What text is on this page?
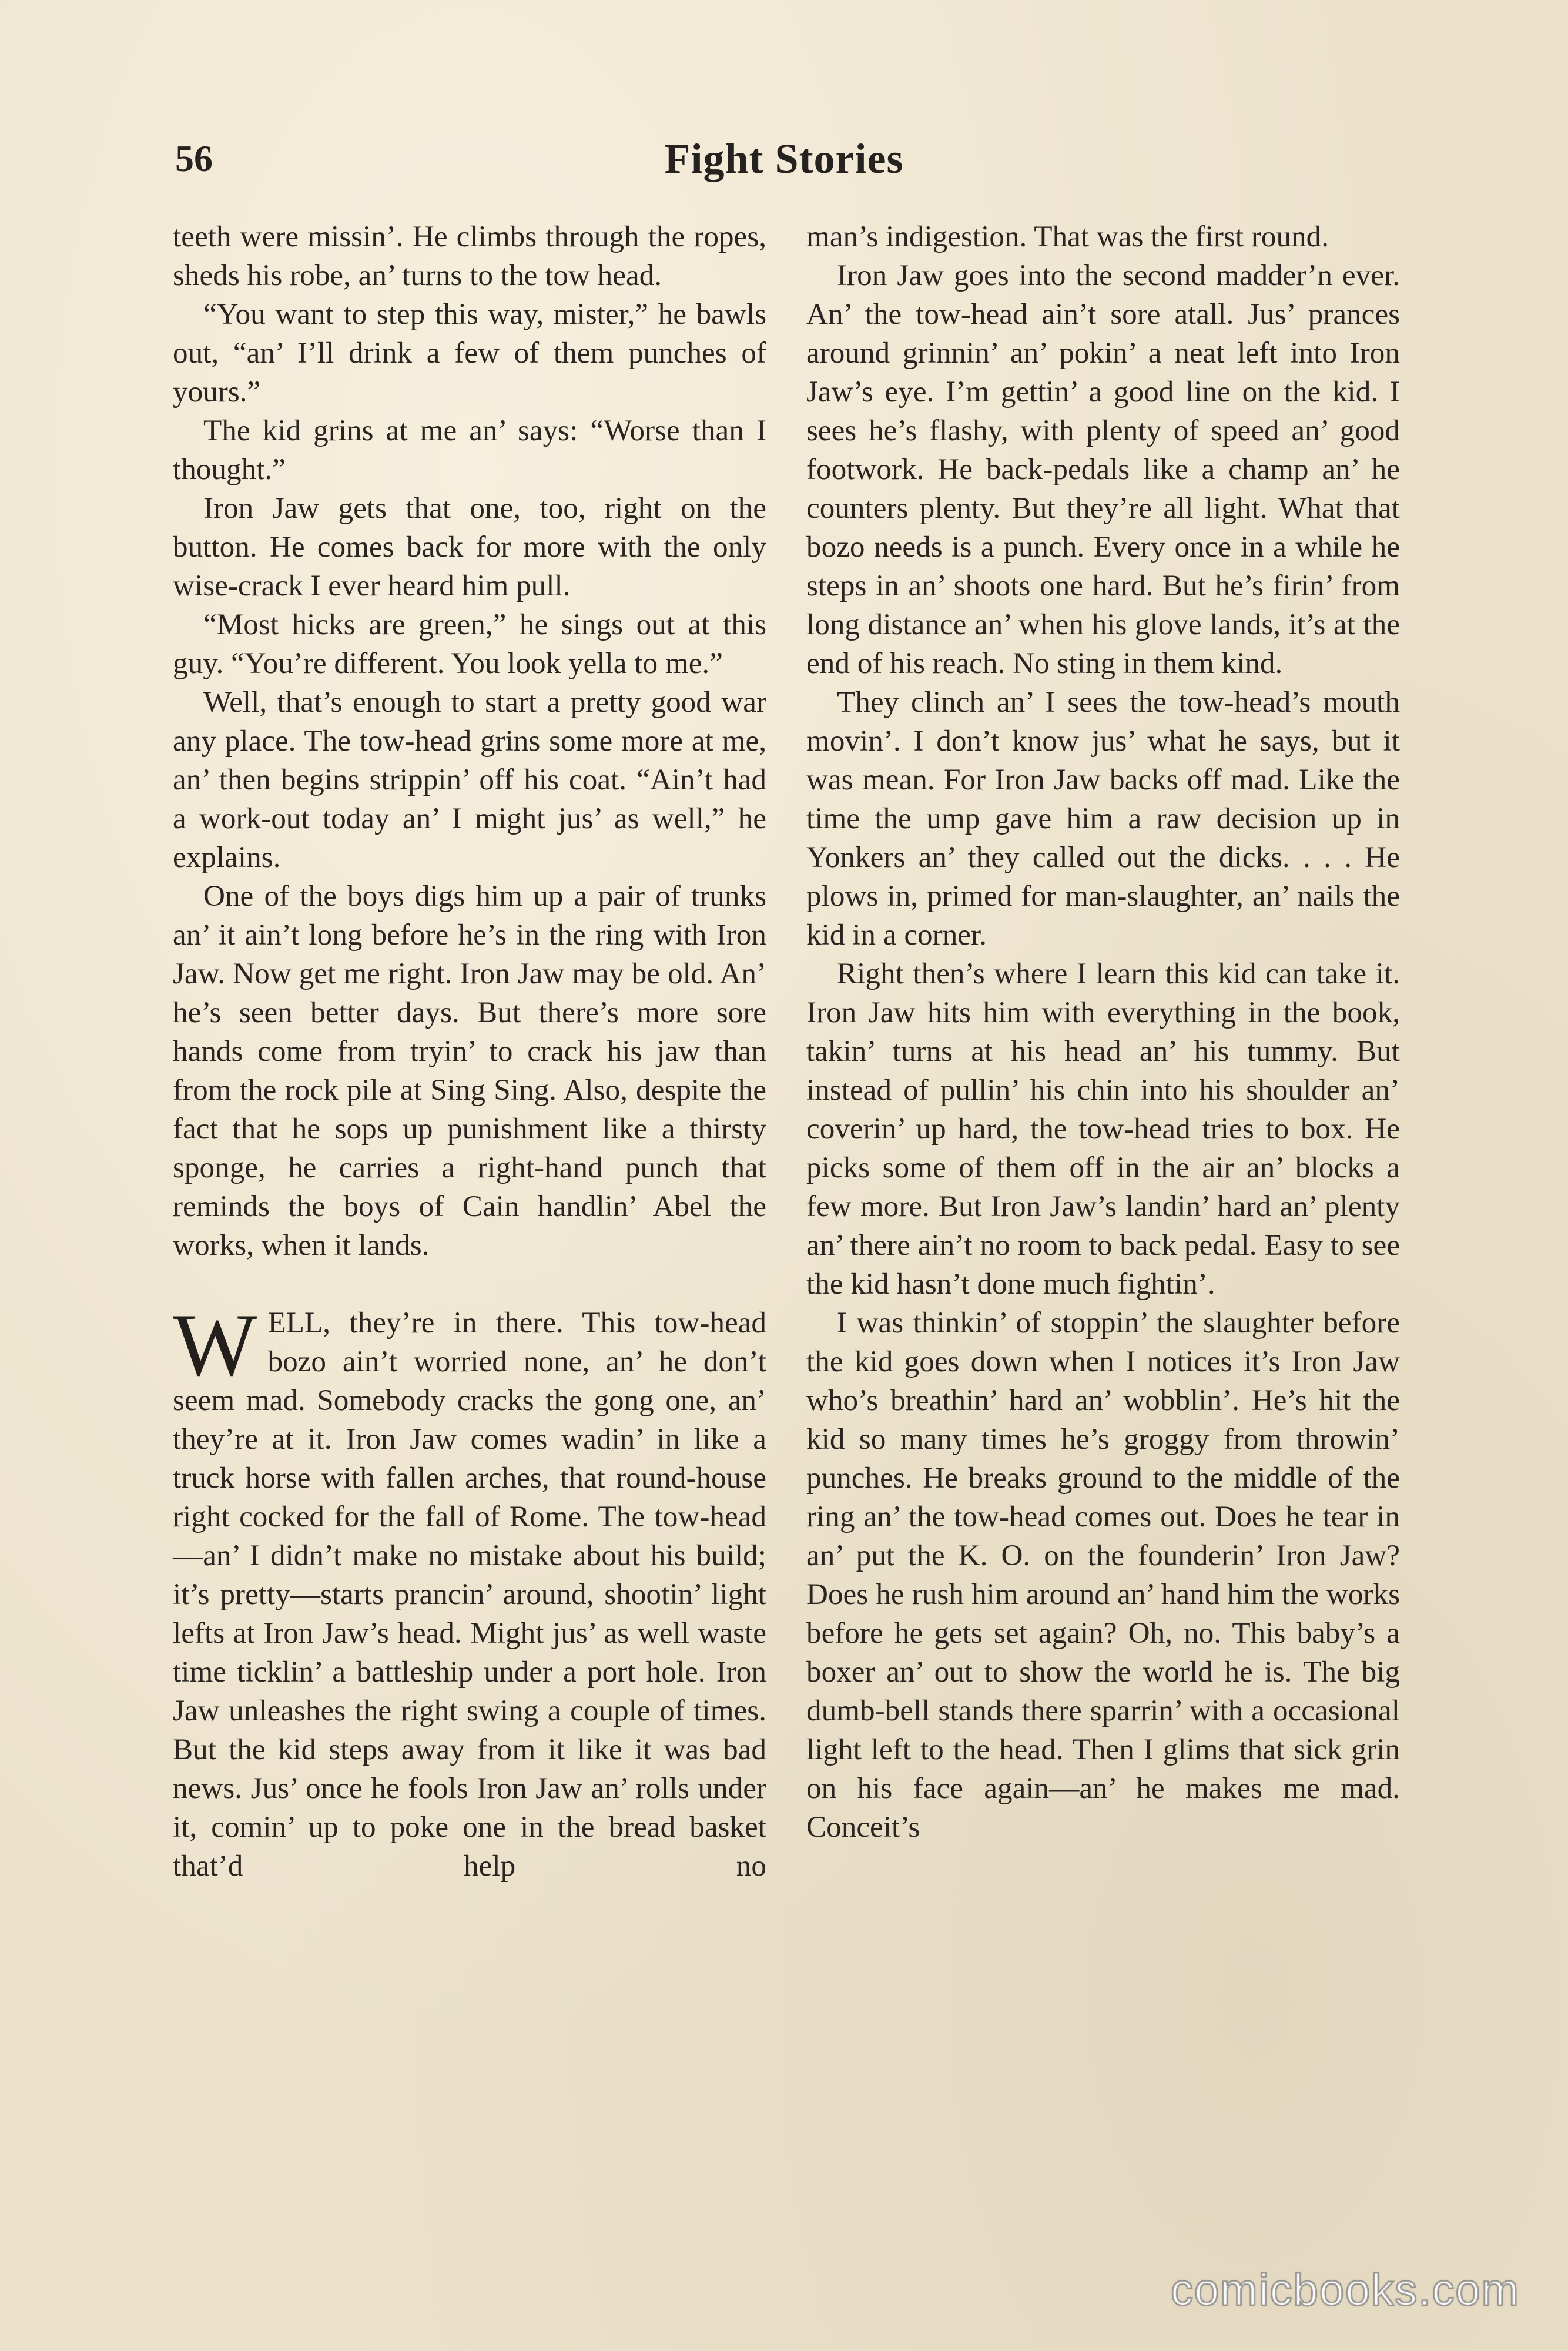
56	Fight Stories

teeth were missin’. He climbs through the ropes, sheds his robe, an’ turns to the tow head.

“You want to step this way, mister,” he bawls out, “an’ I’ll drink a few of them punches of yours.”

The kid grins at me an’ says: “Worse than I thought.”

Iron Jaw gets that one, too, right on the button. He comes back for more with the only wise-crack I ever heard him pull.

“Most hicks are green,” he sings out at this guy. “You’re different. You look yella to me.”

Well, that’s enough to start a pretty good war any place. The tow-head grins some more at me, an’ then begins strippin’ off his coat. “Ain’t had a work-out today an’ I might jus’ as well,” he explains.

One of the boys digs him up a pair of trunks an’ it ain’t long before he’s in the ring with Iron Jaw. Now get me right. Iron Jaw may be old. An’ he’s seen better days. But there’s more sore hands come from tryin’ to crack his jaw than from the rock pile at Sing Sing. Also, despite the fact that he sops up punishment like a thirsty sponge, he carries a right-hand punch that reminds the boys of Cain handlin’ Abel the works, when it lands.

WELL, they’re in there. This tow-head bozo ain’t worried none, an’ he don’t seem mad. Somebody cracks the gong one, an’ they’re at it. Iron Jaw comes wadin’ in like a truck horse with fallen arches, that round-house right cocked for the fall of Rome. The tow-head—an’ I didn’t make no mistake about his build; it’s pretty—starts prancin’ around, shootin’ light lefts at Iron Jaw’s head. Might jus’ as well waste time ticklin’ a battleship under a port hole. Iron Jaw unleashes the right swing a couple of times. But the kid steps away from it like it was bad news. Jus’ once he fools Iron Jaw an’ rolls under it, comin’ up to poke one in the bread basket that’d help no

man’s indigestion. That was the first round.

Iron Jaw goes into the second madder’n ever. An’ the tow-head ain’t sore atall. Jus’ prances around grinnin’ an’ pokin’ a neat left into Iron Jaw’s eye. I’m gettin’ a good line on the kid. I sees he’s flashy, with plenty of speed an’ good footwork. He back-pedals like a champ an’ he counters plenty. But they’re all light. What that bozo needs is a punch. Every once in a while he steps in an’ shoots one hard. But he’s firin’ from long distance an’ when his glove lands, it’s at the end of his reach. No sting in them kind.

They clinch an’ I sees the tow-head’s mouth movin’. I don’t know jus’ what he says, but it was mean. For Iron Jaw backs off mad. Like the time the ump gave him a raw decision up in Yonkers an’ they called out the dicks. . . . He plows in, primed for man-slaughter, an’ nails the kid in a corner.

Right then’s where I learn this kid can take it. Iron Jaw hits him with everything in the book, takin’ turns at his head an’ his tummy. But instead of pullin’ his chin into his shoulder an’ coverin’ up hard, the tow-head tries to box. He picks some of them off in the air an’ blocks a few more. But Iron Jaw’s landin’ hard an’ plenty an’ there ain’t no room to back pedal. Easy to see the kid hasn’t done much fightin’.

I was thinkin’ of stoppin’ the slaughter before the kid goes down when I notices it’s Iron Jaw who’s breathin’ hard an’ wobblin’. He’s hit the kid so many times he’s groggy from throwin’ punches. He breaks ground to the middle of the ring an’ the tow-head comes out. Does he tear in an’ put the K. O. on the founderin’ Iron Jaw? Does he rush him around an’ hand him the works before he gets set again? Oh, no. This baby’s a boxer an’ out to show the world he is. The big dumb-bell stands there sparrin’ with a occasional light left to the head. Then I glims that sick grin on his face again—an’ he makes me mad. Conceit’s

comicbooks.com
